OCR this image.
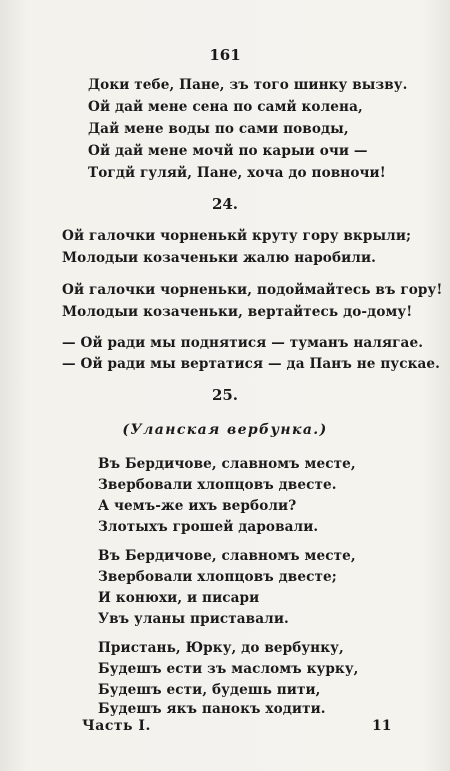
161
Доки тебе, Пане, зъ того шинку вызву.
Ой дай мене сена по самй колена,
Дай мене воды по сами поводы,
Ой дай мене мочй по карыи очи —
Тогдй гуляй, Пане, хоча до повночи!
24.
Ой галочки чорненькй круту гору вкрыли;
Молодыи козаченьки жалю наробили.
Ой галочки чорненьки, подоймайтесь въ гору!
Молодыи козаченьки, вертайтесь до-дому!
— Ой ради мы поднятися — туманъ налягае.
— Ой ради мы вертатися — да Панъ не пускае.
25.
(Уланская вербунка.)
Въ Бердичове, славномъ месте,
Звербовали хлопцовъ двесте.
А чемъ-же ихъ верболи?
Злотыхъ грошей даровали.
Въ Бердичове, славномъ месте,
Звербовали хлопцовъ двесте;
И конюхи, и писари
Увъ уланы приставали.
Пристань, Юрку, до вербунку,
Будешъ ести зъ масломъ курку,
Будешъ ести, будешь пити,
Будешъ якъ панокъ ходити.
Часть I.	11
